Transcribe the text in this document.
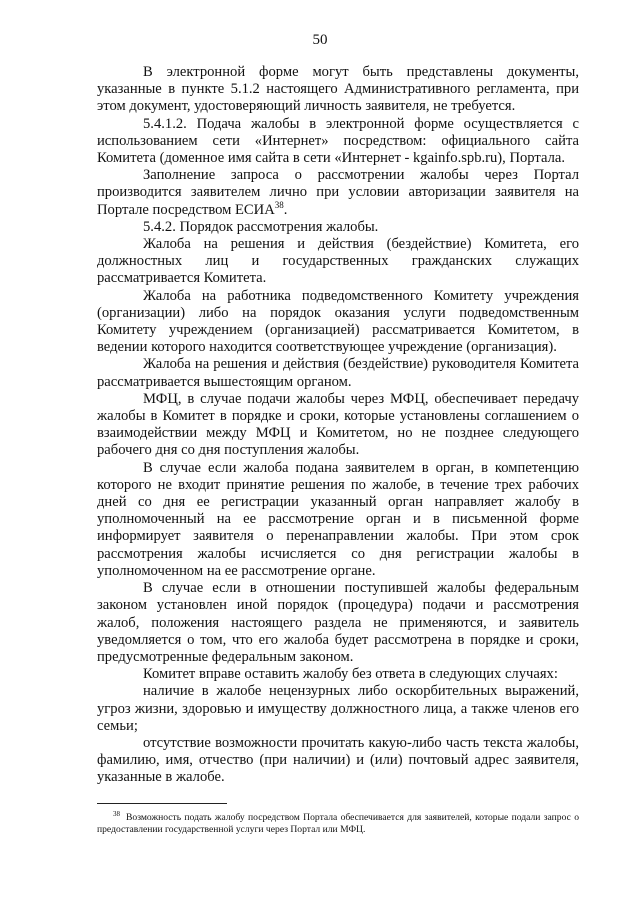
50

В электронной форме могут быть представлены документы, указанные в пункте 5.1.2 настоящего Административного регламента, при этом документ, удостоверяющий личность заявителя, не требуется.

5.4.1.2. Подача жалобы в электронной форме осуществляется с использованием сети «Интернет» посредством: официального сайта Комитета (доменное имя сайта в сети «Интернет - kgainfo.spb.ru), Портала.

Заполнение запроса о рассмотрении жалобы через Портал производится заявителем лично при условии авторизации заявителя на Портале посредством ЕСИА$^{38}$.

5.4.2. Порядок рассмотрения жалобы.

Жалоба на решения и действия (бездействие) Комитета, его должностных лиц и государственных гражданских служащих рассматривается Комитета.

Жалоба на работника подведомственного Комитету учреждения (организации) либо на порядок оказания услуги подведомственным Комитету учреждением (организацией) рассматривается Комитетом, в ведении которого находится соответствующее учреждение (организация).

Жалоба на решения и действия (бездействие) руководителя Комитета рассматривается вышестоящим органом.

МФЦ, в случае подачи жалобы через МФЦ, обеспечивает передачу жалобы в Комитет в порядке и сроки, которые установлены соглашением о взаимодействии между МФЦ и Комитетом, но не позднее следующего рабочего дня со дня поступления жалобы.

В случае если жалоба подана заявителем в орган, в компетенцию которого не входит принятие решения по жалобе, в течение трех рабочих дней со дня ее регистрации указанный орган направляет жалобу в уполномоченный на ее рассмотрение орган и в письменной форме информирует заявителя о перенаправлении жалобы. При этом срок рассмотрения жалобы исчисляется со дня регистрации жалобы в уполномоченном на ее рассмотрение органе.

В случае если в отношении поступившей жалобы федеральным законом установлен иной порядок (процедура) подачи и рассмотрения жалоб, положения настоящего раздела не применяются, и заявитель уведомляется о том, что его жалоба будет рассмотрена в порядке и сроки, предусмотренные федеральным законом.

Комитет вправе оставить жалобу без ответа в следующих случаях:

наличие в жалобе нецензурных либо оскорбительных выражений, угроз жизни, здоровью и имуществу должностного лица, а также членов его семьи;

отсутствие возможности прочитать какую-либо часть текста жалобы, фамилию, имя, отчество (при наличии) и (или) почтовый адрес заявителя, указанные в жалобе.

$^{38}$ Возможность подать жалобу посредством Портала обеспечивается для заявителей, которые подали запрос о предоставлении государственной услуги через Портал или МФЦ.
